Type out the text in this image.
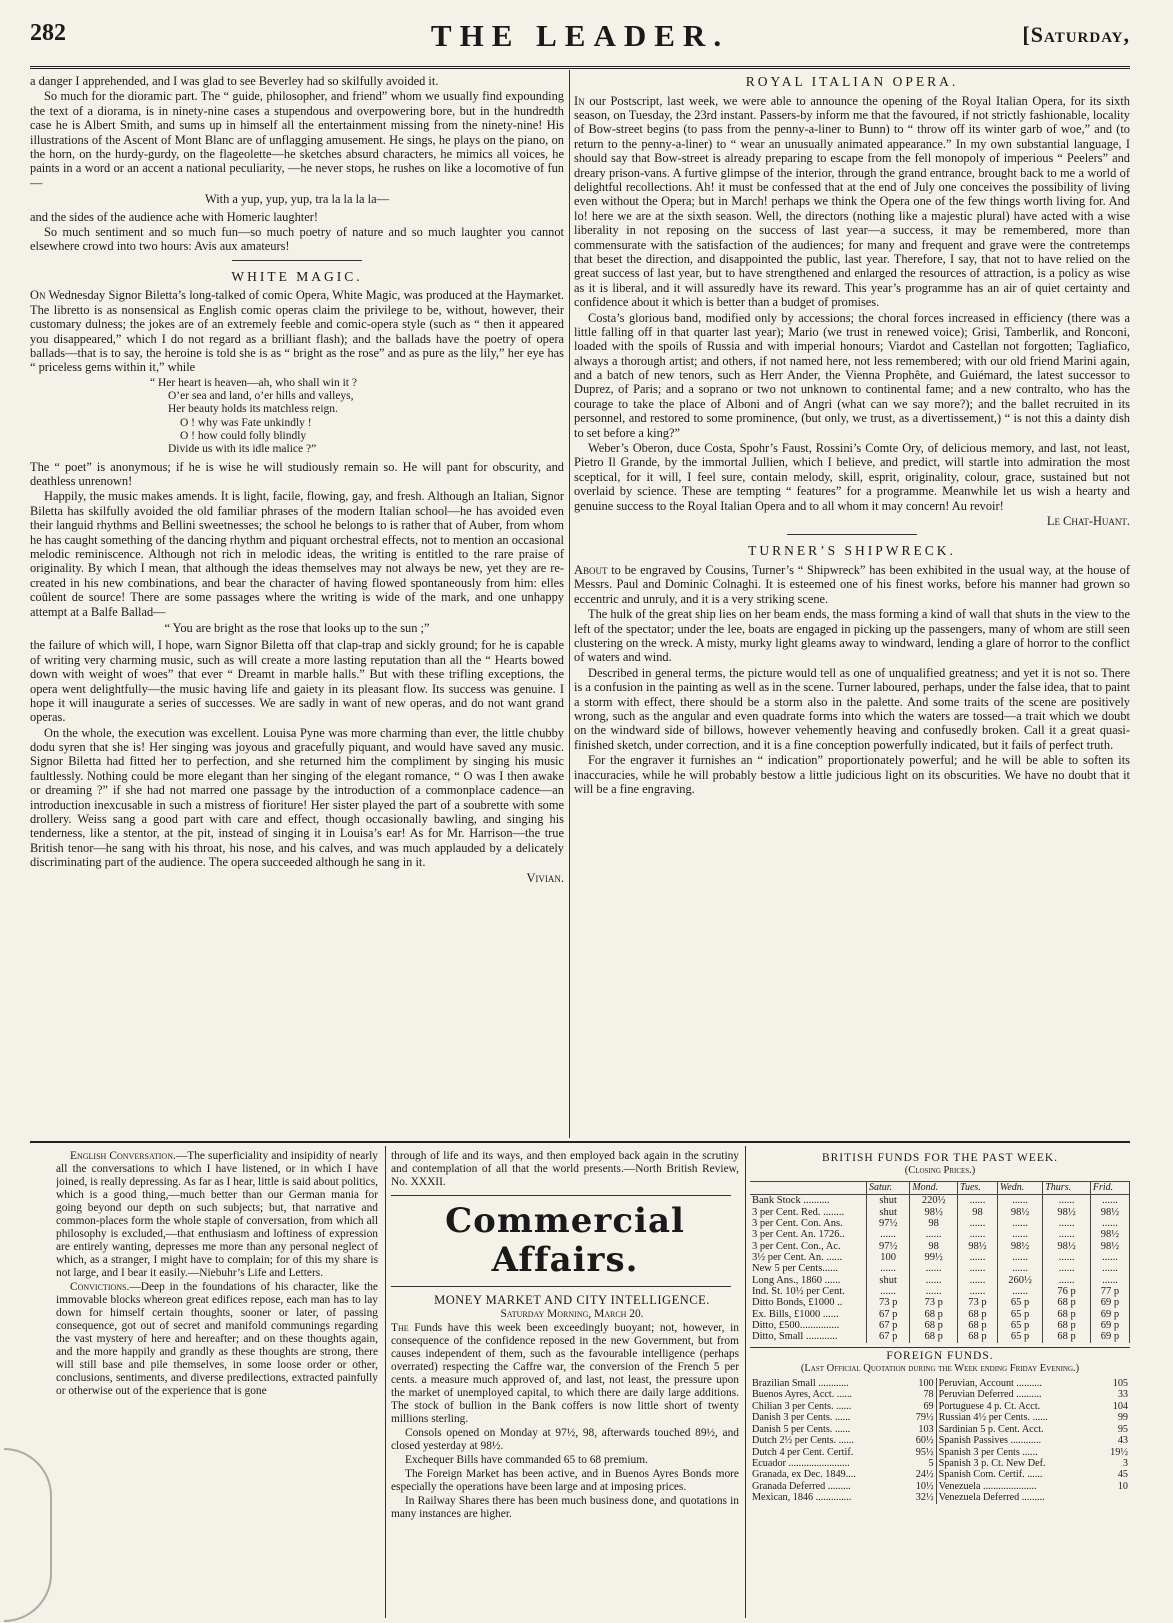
282	THE LEADER.	[Saturday,

a danger I apprehended, and I was glad to see Beverley had so skilfully avoided it.

So much for the dioramic part. The “ guide, philosopher, and friend” whom we usually find expounding the text of a diorama, is in ninety-nine cases a stupendous and overpowering bore, but in the hundredth case he is Albert Smith, and sums up in himself all the entertainment missing from the ninety-nine! His illustrations of the Ascent of Mont Blanc are of unflagging amusement. He sings, he plays on the piano, on the horn, on the hurdy-gurdy, on the flageolette—he sketches absurd characters, he mimics all voices, he paints in a word or an accent a national peculiarity, —he never stops, he rushes on like a locomotive of fun—

With a yup, yup, yup, tra la la la la—

and the sides of the audience ache with Homeric laughter!

So much sentiment and so much fun—so much poetry of nature and so much laughter you cannot elsewhere crowd into two hours: Avis aux amateurs!

WHITE MAGIC.

On Wednesday Signor Biletta’s long-talked of comic Opera, White Magic, was produced at the Haymarket. The libretto is as nonsensical as English comic operas claim the privilege to be, without, however, their customary dulness; the jokes are of an extremely feeble and comic-opera style (such as “ then it appeared you disappeared,” which I do not regard as a brilliant flash); and the ballads have the poetry of opera ballads—that is to say, the heroine is told she is as “ bright as the rose” and as pure as the lily,” her eye has “ priceless gems within it,” while

“ Her heart is heaven—ah, who shall win it ?
O’er sea and land, o’er hills and valleys,
Her beauty holds its matchless reign.
O ! why was Fate unkindly !
O ! how could folly blindly
Divide us with its idle malice ?”

The “ poet” is anonymous; if he is wise he will studiously remain so. He will pant for obscurity, and deathless unrenown!

Happily, the music makes amends. It is light, facile, flowing, gay, and fresh. Although an Italian, Signor Biletta has skilfully avoided the old familiar phrases of the modern Italian school—he has avoided even their languid rhythms and Bellini sweetnesses; the school he belongs to is rather that of Auber, from whom he has caught something of the dancing rhythm and piquant orchestral effects, not to mention an occasional melodic reminiscence. Although not rich in melodic ideas, the writing is entitled to the rare praise of originality. By which I mean, that although the ideas themselves may not always be new, yet they are re-created in his new combinations, and bear the character of having flowed spontaneously from him: elles coûlent de source! There are some passages where the writing is wide of the mark, and one unhappy attempt at a Balfe Ballad—

“ You are bright as the rose that looks up to the sun ;”

the failure of which will, I hope, warn Signor Biletta off that clap-trap and sickly ground; for he is capable of writing very charming music, such as will create a more lasting reputation than all the “ Hearts bowed down with weight of woes” that ever “ Dreamt in marble halls.” But with these trifling exceptions, the opera went delightfully—the music having life and gaiety in its pleasant flow. Its success was genuine. I hope it will inaugurate a series of successes. We are sadly in want of new operas, and do not want grand operas.

On the whole, the execution was excellent. Louisa Pyne was more charming than ever, the little chubby dodu syren that she is! Her singing was joyous and gracefully piquant, and would have saved any music. Signor Biletta had fitted her to perfection, and she returned him the compliment by singing his music faultlessly. Nothing could be more elegant than her singing of the elegant romance, “ O was I then awake or dreaming ?” if she had not marred one passage by the introduction of a commonplace cadence—an introduction inexcusable in such a mistress of fioriture! Her sister played the part of a soubrette with some drollery. Weiss sang a good part with care and effect, though occasionally bawling, and singing his tenderness, like a stentor, at the pit, instead of singing it in Louisa’s ear! As for Mr. Harrison—the true British tenor—he sang with his throat, his nose, and his calves, and was much applauded by a delicately discriminating part of the audience. The opera succeeded although he sang in it.

Vivian.

ROYAL ITALIAN OPERA.

In our Postscript, last week, we were able to announce the opening of the Royal Italian Opera, for its sixth season, on Tuesday, the 23rd instant. Passers-by inform me that the favoured, if not strictly fashionable, locality of Bow-street begins (to pass from the penny-a-liner to Bunn) to “ throw off its winter garb of woe,” and (to return to the penny-a-liner) to “ wear an unusually animated appearance.” In my own substantial language, I should say that Bow-street is already preparing to escape from the fell monopoly of imperious “ Peelers” and dreary prison-vans. A furtive glimpse of the interior, through the grand entrance, brought back to me a world of delightful recollections. Ah! it must be confessed that at the end of July one conceives the possibility of living even without the Opera; but in March! perhaps we think the Opera one of the few things worth living for. And lo! here we are at the sixth season. Well, the directors (nothing like a majestic plural) have acted with a wise liberality in not reposing on the success of last year—a success, it may be remembered, more than commensurate with the satisfaction of the audiences; for many and frequent and grave were the contretemps that beset the direction, and disappointed the public, last year. Therefore, I say, that not to have relied on the great success of last year, but to have strengthened and enlarged the resources of attraction, is a policy as wise as it is liberal, and it will assuredly have its reward. This year’s programme has an air of quiet certainty and confidence about it which is better than a budget of promises.

Costa’s glorious band, modified only by accessions; the choral forces increased in efficiency (there was a little falling off in that quarter last year); Mario (we trust in renewed voice); Grisi, Tamberlik, and Ronconi, loaded with the spoils of Russia and with imperial honours; Viardot and Castellan not forgotten; Tagliafico, always a thorough artist; and others, if not named here, not less remembered; with our old friend Marini again, and a batch of new tenors, such as Herr Ander, the Vienna Prophête, and Guiémard, the latest successor to Duprez, of Paris; and a soprano or two not unknown to continental fame; and a new contralto, who has the courage to take the place of Alboni and of Angri (what can we say more?); and the ballet recruited in its personnel, and restored to some prominence, (but only, we trust, as a divertissement,) “ is not this a dainty dish to set before a king?”

Weber’s Oberon, duce Costa, Spohr’s Faust, Rossini’s Comte Ory, of delicious memory, and last, not least, Pietro Il Grande, by the immortal Jullien, which I believe, and predict, will startle into admiration the most sceptical, for it will, I feel sure, contain melody, skill, esprit, originality, colour, grace, sustained but not overlaid by science. These are tempting “ features” for a programme. Meanwhile let us wish a hearty and genuine success to the Royal Italian Opera and to all whom it may concern! Au revoir!

Le Chat-Huant.

TURNER’S SHIPWRECK.

About to be engraved by Cousins, Turner’s “ Shipwreck” has been exhibited in the usual way, at the house of Messrs. Paul and Dominic Colnaghi. It is esteemed one of his finest works, before his manner had grown so eccentric and unruly, and it is a very striking scene.

The hulk of the great ship lies on her beam ends, the mass forming a kind of wall that shuts in the view to the left of the spectator; under the lee, boats are engaged in picking up the passengers, many of whom are still seen clustering on the wreck. A misty, murky light gleams away to windward, lending a glare of horror to the conflict of waters and wind.

Described in general terms, the picture would tell as one of unqualified greatness; and yet it is not so. There is a confusion in the painting as well as in the scene. Turner laboured, perhaps, under the false idea, that to paint a storm with effect, there should be a storm also in the palette. And some traits of the scene are positively wrong, such as the angular and even quadrate forms into which the waters are tossed—a trait which we doubt on the windward side of billows, however vehemently heaving and confusedly broken. Call it a great quasi-finished sketch, under correction, and it is a fine conception powerfully indicated, but it fails of perfect truth.

For the engraver it furnishes an “ indication” proportionately powerful; and he will be able to soften its inaccuracies, while he will probably bestow a little judicious light on its obscurities. We have no doubt that it will be a fine engraving.

English Conversation.—The superficiality and insipidity of nearly all the conversations to which I have listened, or in which I have joined, is really depressing. As far as I hear, little is said about politics, which is a good thing,—much better than our German mania for going beyond our depth on such subjects; but, that narrative and common-places form the whole staple of conversation, from which all philosophy is excluded,—that enthusiasm and loftiness of expression are entirely wanting, depresses me more than any personal neglect of which, as a stranger, I might have to complain; for of this my share is not large, and I bear it easily.—Niebuhr’s Life and Letters.

Convictions.—Deep in the foundations of his character, like the immovable blocks whereon great edifices repose, each man has to lay down for himself certain thoughts, sooner or later, of passing consequence, got out of secret and manifold communings regarding the vast mystery of here and hereafter; and on these thoughts again, and the more happily and grandly as these thoughts are strong, there will still base and pile themselves, in some loose order or other, conclusions, sentiments, and diverse predilections, extracted painfully or otherwise out of the experience that is gone

through of life and its ways, and then employed back again in the scrutiny and contemplation of all that the world presents.—North British Review, No. XXXII.

Commercial Affairs.

MONEY MARKET AND CITY INTELLIGENCE.

Saturday Morning, March 20.

The Funds have this week been exceedingly buoyant; not, however, in consequence of the confidence reposed in the new Government, but from causes independent of them, such as the favourable intelligence (perhaps overrated) respecting the Caffre war, the conversion of the French 5 per cents. a measure much approved of, and last, not least, the pressure upon the market of unemployed capital, to which there are daily large additions. The stock of bullion in the Bank coffers is now little short of twenty millions sterling.

Consols opened on Monday at 97½, 98, afterwards touched 89½, and closed yesterday at 98½.

Exchequer Bills have commanded 65 to 68 premium.

The Foreign Market has been active, and in Buenos Ayres Bonds more especially the operations have been large and at imposing prices.

In Railway Shares there has been much business done, and quotations in many instances are higher.

BRITISH FUNDS FOR THE PAST WEEK.
(Closing Prices.)
	Satur.	Mond.	Tues.	Wedn.	Thurs.	Frid.
Bank Stock ..........	shut	220½	......	......	......	......
3 per Cent. Red. ........	shut	98½	98	98½	98½	98½
3 per Cent. Con. Ans.	97½	98	......	......	......	......
3 per Cent. An. 1726..	......	......	......	......	......	98½
3 per Cent. Con., Ac.	97½	98	98½	98½	98½	98½
3½ per Cent. An. ......	100	99½	......	......	......	......
New 5 per Cents......	......	......	......	......	......	......
Long Ans., 1860 ......	shut	......	......	260½	......	......
Ind. St. 10½ per Cent.	......	......	......	......	76 p	77 p
Ditto Bonds, £1000 ..	73 p	73 p	73 p	65 p	68 p	69 p
Ex. Bills, £1000 ......	67 p	68 p	68 p	65 p	68 p	69 p
Ditto, £500...............	67 p	68 p	68 p	65 p	68 p	69 p
Ditto, Small ............	67 p	68 p	68 p	65 p	68 p	69 p
FOREIGN FUNDS.
(Last Official Quotation during the Week ending Friday Evening.)
Brazilian Small ............	100	Peruvian, Account ..........	105
Buenos Ayres, Acct. ......	78	Peruvian Deferred ..........	33
Chilian 3 per Cents. ......	69	Portuguese 4 p. Ct. Acct.	104
Danish 3 per Cents. ......	79½	Russian 4½ per Cents. ......	99
Danish 5 per Cents. ......	103	Sardinian 5 p. Cent. Acct.	95
Dutch 2½ per Cents. ......	60½	Spanish Passives ............	43
Dutch 4 per Cent. Certif.	95½	Spanish 3 per Cents ......	19½
Ecuador ........................	5	Spanish 3 p. Ct. New Def.	3
Granada, ex Dec. 1849....	24½	Spanish Com. Certif. ......	45
Granada Deferred .........	10½	Venezuela .....................	10
Mexican, 1846 ..............	32½	Venezuela Deferred .........	
